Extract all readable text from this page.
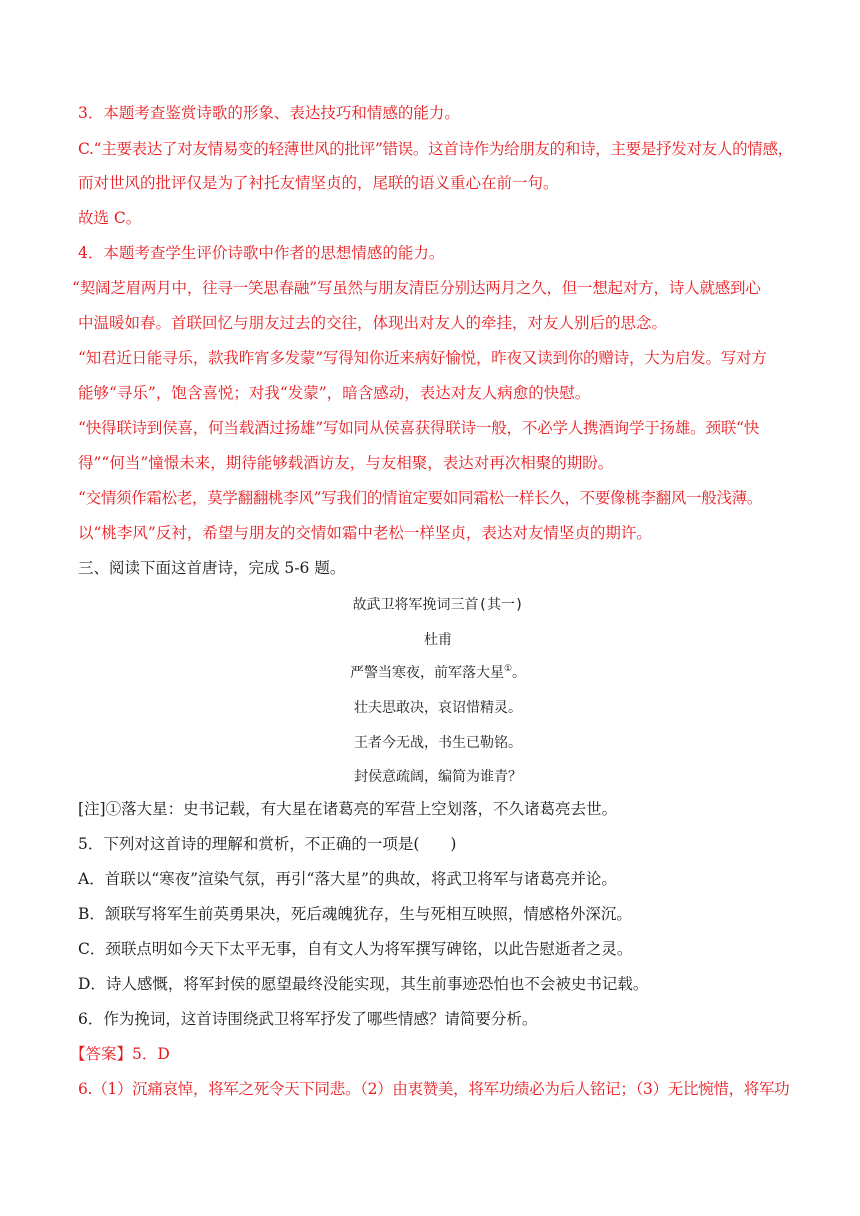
3．本题考查鉴赏诗歌的形象、表达技巧和情感的能力。

C.“主要表达了对友情易变的轻薄世风的批评”错误。这首诗作为给朋友的和诗，主要是抒发对友人的情感，

而对世风的批评仅是为了衬托友情坚贞的，尾联的语义重心在前一句。

故选 C。

4．本题考查学生评价诗歌中作者的思想情感的能力。

“契阔芝眉两月中，往寻一笑思春融”写虽然与朋友清臣分别达两月之久，但一想起对方，诗人就感到心

中温暖如春。首联回忆与朋友过去的交往，体现出对友人的牵挂，对友人别后的思念。

“知君近日能寻乐，款我昨宵多发蒙”写得知你近来病好愉悦，昨夜又读到你的赠诗，大为启发。写对方

能够“寻乐”，饱含喜悦；对我“发蒙”，暗含感动，表达对友人病愈的快慰。

“快得联诗到侯喜，何当载酒过扬雄”写如同从侯喜获得联诗一般，不必学人携酒询学于扬雄。颈联“快

得”“何当”憧憬未来，期待能够载酒访友，与友相聚，表达对再次相聚的期盼。

“交情须作霜松老，莫学翻翻桃李风”写我们的情谊定要如同霜松一样长久，不要像桃李翻风一般浅薄。

以“桃李风”反衬，希望与朋友的交情如霜中老松一样坚贞，表达对友情坚贞的期许。

三、阅读下面这首唐诗，完成 5-6 题。

故武卫将军挽词三首(其一)
杜甫
严警当寒夜，前军落大星①。
壮夫思敢决，哀诏惜精灵。
王者今无战，书生已勒铭。
封侯意疏阔，编简为谁青？

[注]①落大星：史书记载，有大星在诸葛亮的军营上空划落，不久诸葛亮去世。

5．下列对这首诗的理解和赏析，不正确的一项是(　　)

A．首联以“寒夜”渲染气氛，再引“落大星”的典故，将武卫将军与诸葛亮并论。

B．颔联写将军生前英勇果决，死后魂魄犹存，生与死相互映照，情感格外深沉。

C．颈联点明如今天下太平无事，自有文人为将军撰写碑铭，以此告慰逝者之灵。

D．诗人感慨，将军封侯的愿望最终没能实现，其生前事迹恐怕也不会被史书记载。

6．作为挽词，这首诗围绕武卫将军抒发了哪些情感？请简要分析。

【答案】5．D

6.（1）沉痛哀悼，将军之死令天下同悲。（2）由衷赞美，将军功绩必为后人铭记；（3）无比惋惜，将军功
